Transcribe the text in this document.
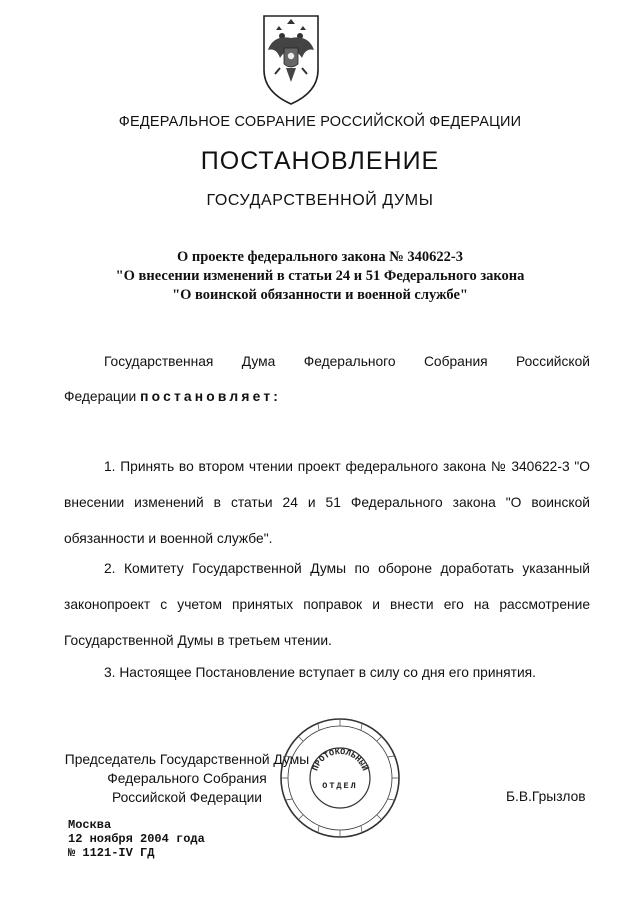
ФЕДЕРАЛЬНОЕ СОБРАНИЕ РОССИЙСКОЙ ФЕДЕРАЦИИ
ПОСТАНОВЛЕНИЕ
ГОСУДАРСТВЕННОЙ ДУМЫ
О проекте федерального закона № 340622-3
"О внесении изменений в статьи 24 и 51 Федерального закона
"О воинской обязанности и военной службе"
Государственная Дума Федерального Собрания Российской
Федерации постановляет:
1. Принять во втором чтении проект федерального закона № 340622-3 "О внесении изменений в статьи 24 и 51 Федерального закона "О воинской обязанности и военной службе".
2. Комитету Государственной Думы по обороне доработать указанный законопроект с учетом принятых поправок и внести его на рассмотрение Государственной Думы в третьем чтении.
3. Настоящее Постановление вступает в силу со дня его принятия.
Председатель Государственной Думы
Федерального Собрания
Российской Федерации	Б.В.Грызлов
ПРОТОКОЛЬНЫЙ
ОТДЕЛ
Москва
12 ноября 2004 года
№ 1121-IV ГД
